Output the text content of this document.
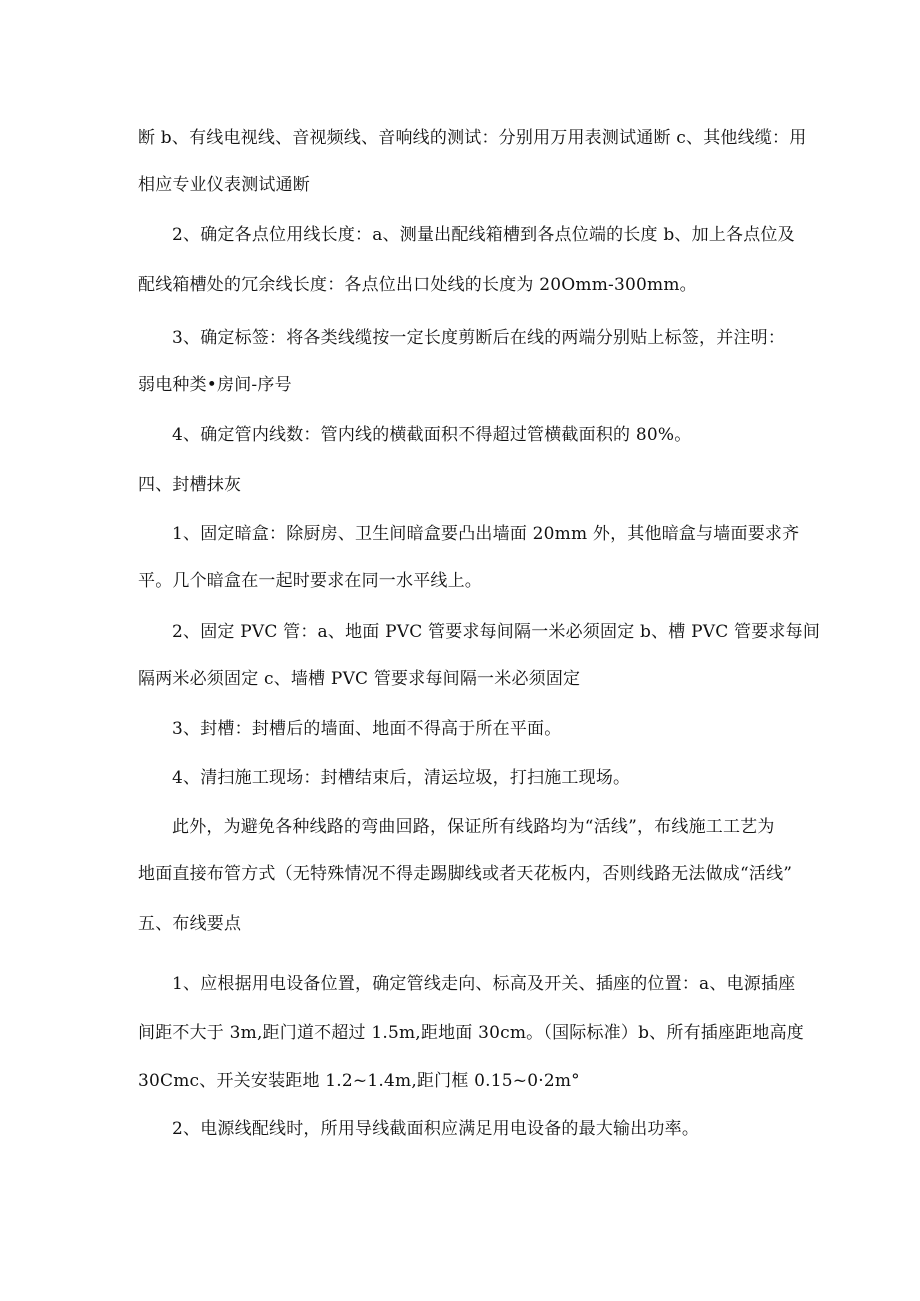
断 b、有线电视线、音视频线、音响线的测试：分别用万用表测试通断 c、其他线缆：用
相应专业仪表测试通断
2、确定各点位用线长度：a、测量出配线箱槽到各点位端的长度 b、加上各点位及
配线箱槽处的冗余线长度：各点位出口处线的长度为 20Omm-300mm。
3、确定标签：将各类线缆按一定长度剪断后在线的两端分别贴上标签，并注明：
弱电种类•房间-序号
4、确定管内线数：管内线的横截面积不得超过管横截面积的 80%。
四、封槽抹灰
1、固定暗盒：除厨房、卫生间暗盒要凸出墙面 20mm 外，其他暗盒与墙面要求齐
平。几个暗盒在一起时要求在同一水平线上。
2、固定 PVC 管：a、地面 PVC 管要求每间隔一米必须固定 b、槽 PVC 管要求每间
隔两米必须固定 c、墙槽 PVC 管要求每间隔一米必须固定
3、封槽：封槽后的墙面、地面不得高于所在平面。
4、清扫施工现场：封槽结束后，清运垃圾，打扫施工现场。
此外，为避免各种线路的弯曲回路，保证所有线路均为“活线”，布线施工工艺为
地面直接布管方式（无特殊情况不得走踢脚线或者天花板内，否则线路无法做成“活线”
五、布线要点
1、应根据用电设备位置，确定管线走向、标高及开关、插座的位置：a、电源插座
间距不大于 3m,距门道不超过 1.5m,距地面 30cm。（国际标准）b、所有插座距地高度
30Cmc、开关安装距地 1.2~1.4m,距门框 0.15~0·2m°
2、电源线配线时，所用导线截面积应满足用电设备的最大输出功率。
